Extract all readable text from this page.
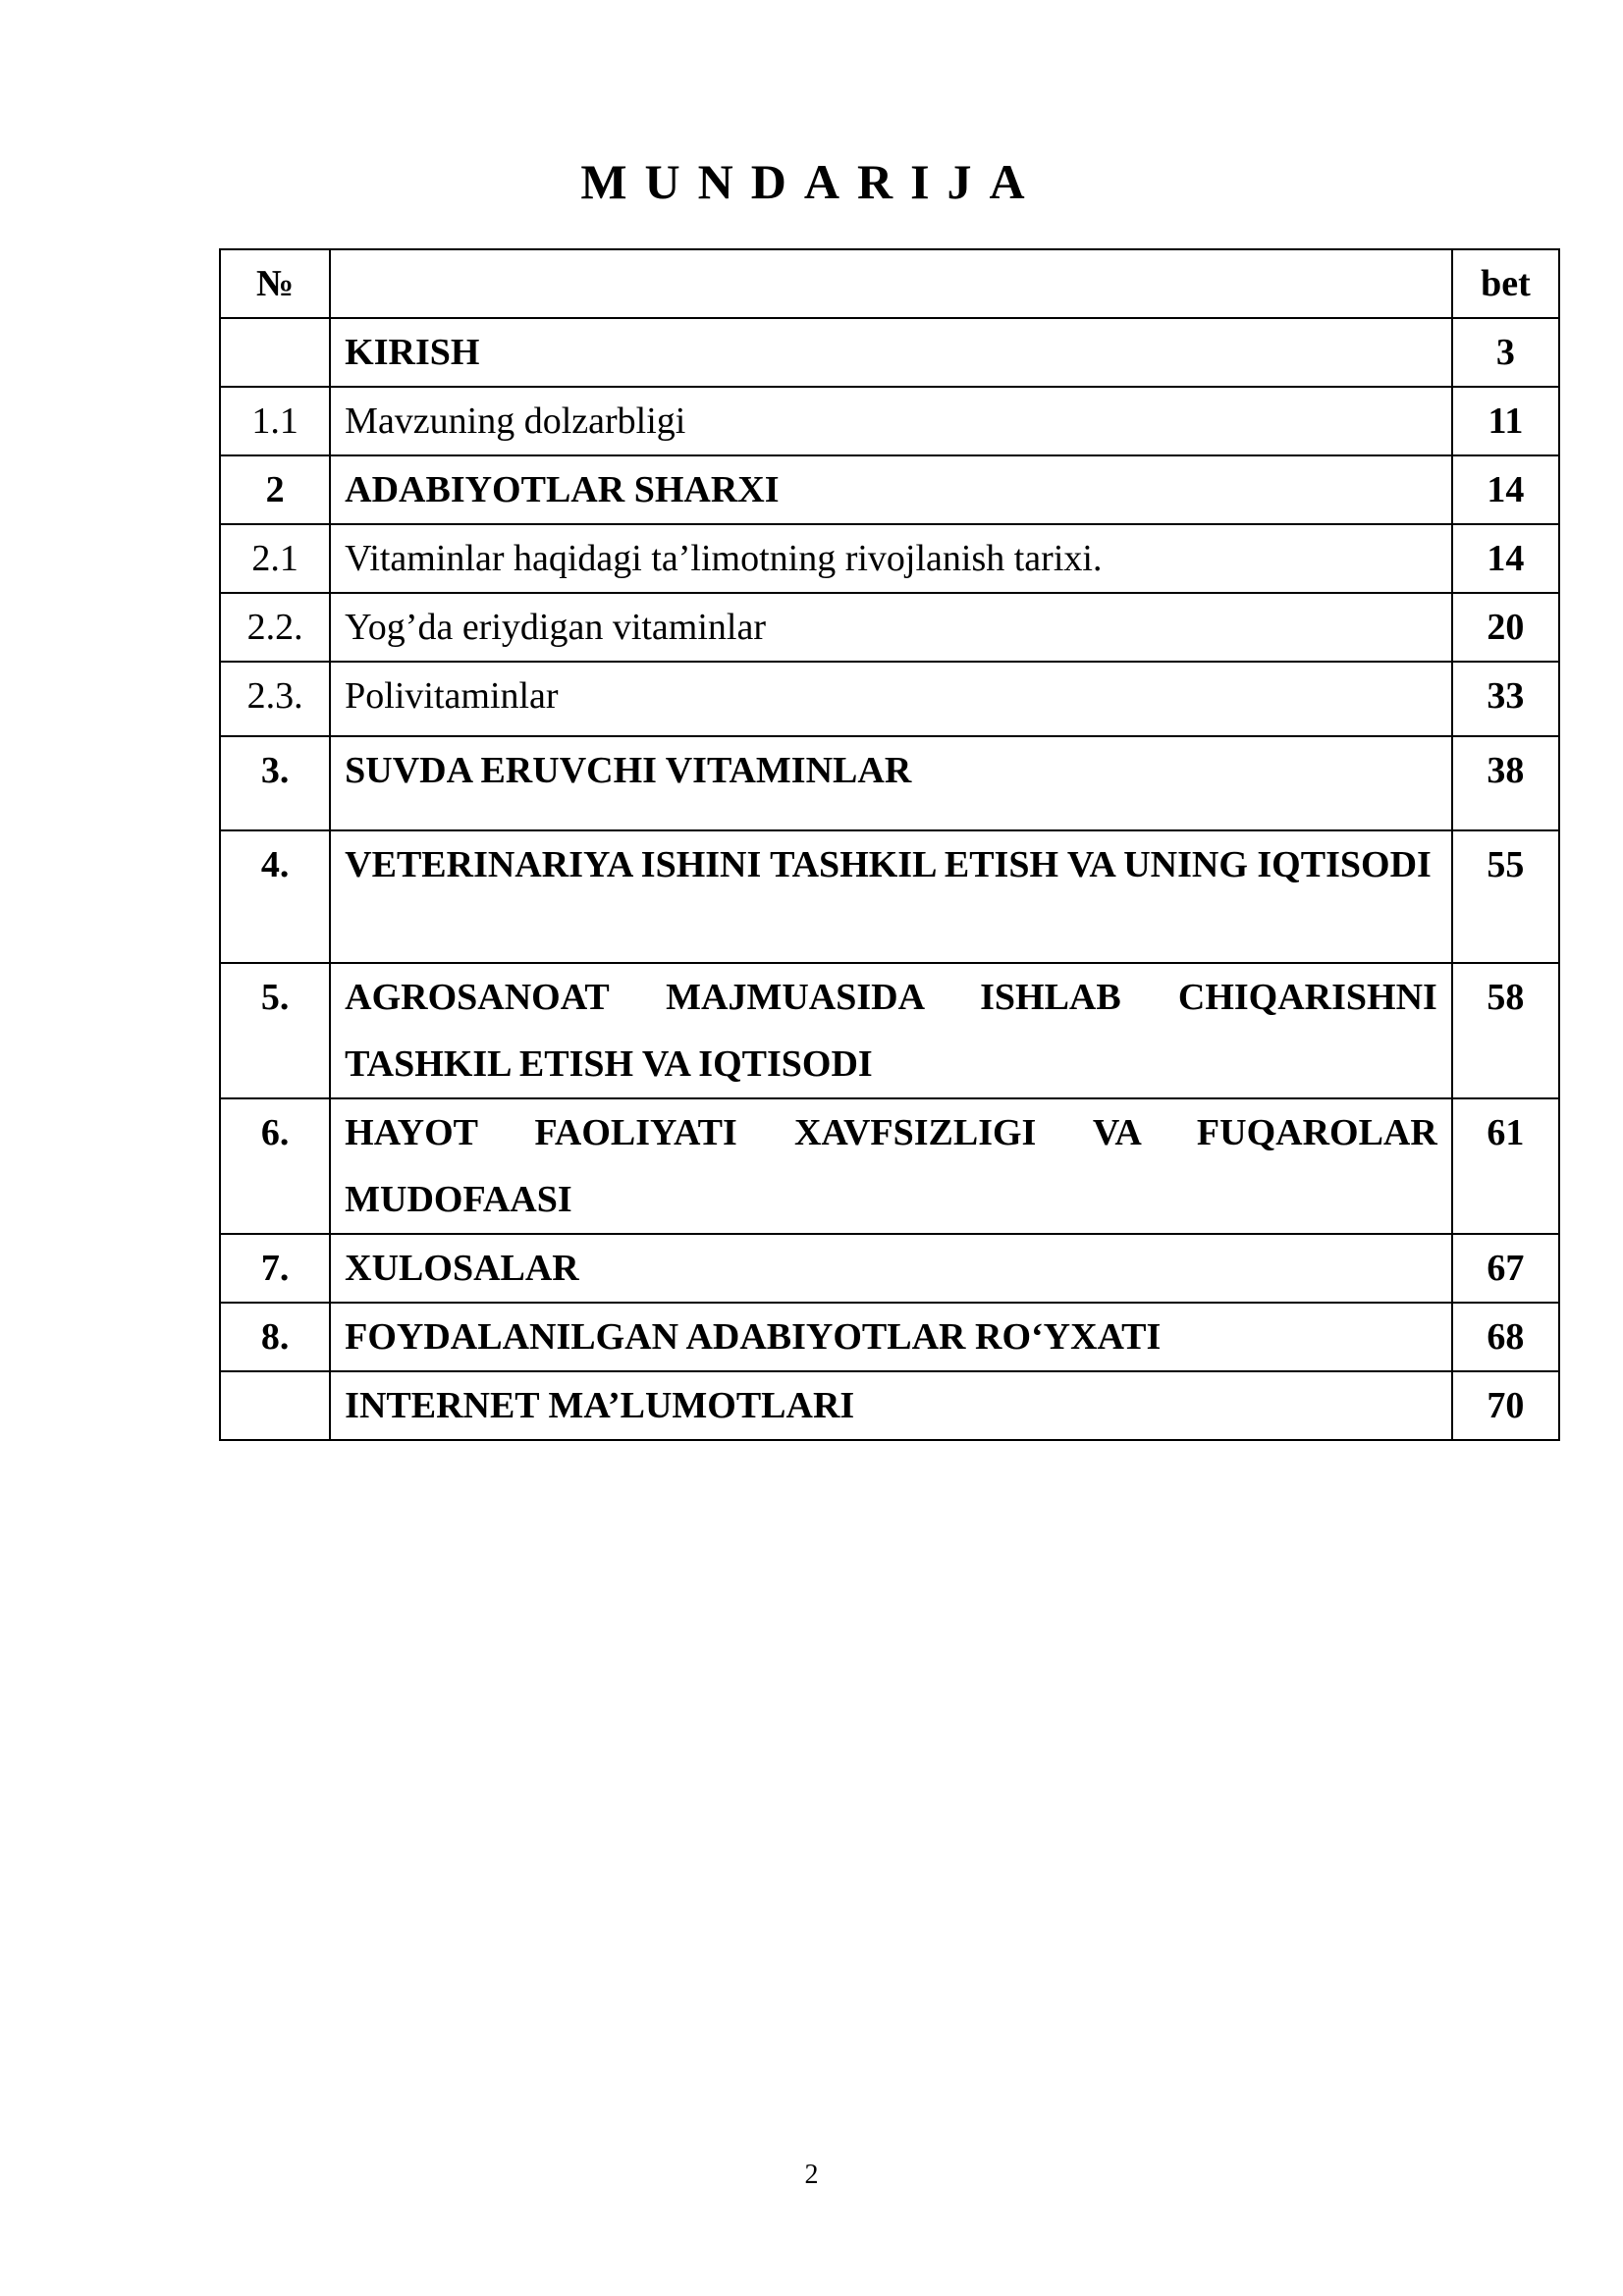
MUNDARIJA
№		bet
	KIRISH	3
1.1	Mavzuning dolzarbligi	11
2	ADABIYOTLAR SHARXI	14
2.1	Vitaminlar haqidagi ta’limotning rivojlanish tarixi.	14
2.2.	Yog’da eriydigan vitaminlar	20
2.3.	Polivitaminlar	33
3.	SUVDA ERUVCHI VITAMINLAR	38
4.	VETERINARIYA ISHINI TASHKIL ETISH VA UNING IQTISODI	55
5.	AGROSANOAT MAJMUASIDA ISHLAB CHIQARISHNI TASHKIL ETISH VA IQTISODI	58
6.	HAYOT FAOLIYATI XAVFSIZLIGI VA FUQAROLAR MUDOFAASI	61
7.	XULOSALAR	67
8.	FOYDALANILGAN ADABIYOTLAR RO‘YXATI	68
	INTERNET MA’LUMOTLARI	70
2
